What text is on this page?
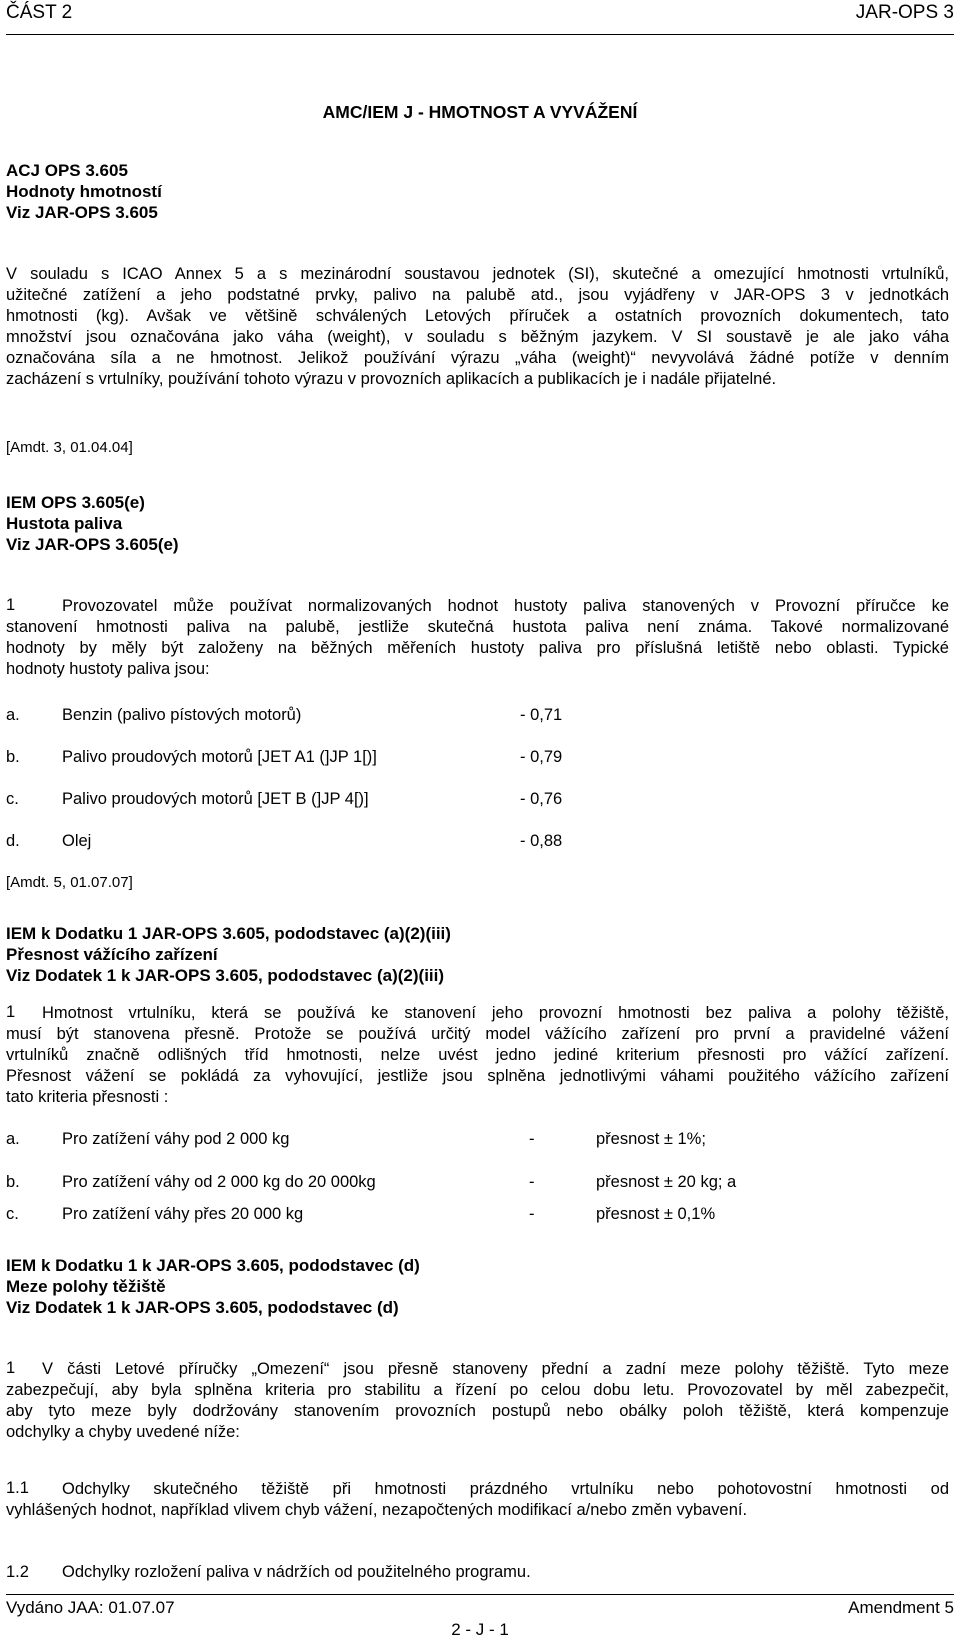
ČÁST 2	JAR-OPS 3
AMC/IEM J - HMOTNOST A VYVÁŽENÍ
ACJ OPS 3.605
Hodnoty hmotností
Viz JAR-OPS 3.605
V souladu s ICAO Annex 5 a s mezinárodní soustavou jednotek (SI), skutečné a omezující hmotnosti vrtulníků,
užitečné zatížení a jeho podstatné prvky, palivo na palubě atd., jsou vyjádřeny v JAR-OPS 3 v jednotkách
hmotnosti (kg). Avšak ve většině schválených Letových příruček a ostatních provozních dokumentech, tato
množství jsou označována jako váha (weight), v souladu s běžným jazykem. V SI soustavě je ale jako váha
označována síla a ne hmotnost. Jelikož používání výrazu „váha (weight)“ nevyvolává žádné potíže v denním
zacházení s vrtulníky, používání tohoto výrazu v provozních aplikacích a publikacích je i nadále přijatelné.
[Amdt. 3, 01.04.04]
IEM OPS 3.605(e)
Hustota paliva
Viz JAR-OPS 3.605(e)
1	Provozovatel může používat normalizovaných hodnot hustoty paliva stanovených v Provozní příručce ke
stanovení hmotnosti paliva na palubě, jestliže skutečná hustota paliva není známa. Takové normalizované
hodnoty by měly být založeny na běžných měřeních hustoty paliva pro příslušná letiště nebo oblasti. Typické
hodnoty hustoty paliva jsou:
a.	Benzin (palivo pístových motorů)	- 0,71
b.	Palivo proudových motorů [JET A1 (]JP 1[)]	- 0,79
c.	Palivo proudových motorů [JET B (]JP 4[)]	- 0,76
d.	Olej	- 0,88
[Amdt. 5, 01.07.07]
IEM k Dodatku 1 JAR-OPS 3.605, pododstavec (a)(2)(iii)
Přesnost vážícího zařízení
Viz Dodatek 1 k JAR-OPS 3.605, pododstavec (a)(2)(iii)
1	Hmotnost vrtulníku, která se používá ke stanovení jeho provozní hmotnosti bez paliva a polohy těžiště,
musí být stanovena přesně. Protože se používá určitý model vážícího zařízení pro první a pravidelné vážení
vrtulníků značně odlišných tříd hmotnosti, nelze uvést jedno jediné kriterium přesnosti pro vážící zařízení.
Přesnost vážení se pokládá za vyhovující, jestliže jsou splněna jednotlivými váhami použitého vážícího zařízení
tato kriteria přesnosti :
a.	Pro zatížení váhy pod 2 000 kg	-	přesnost ± 1%;
b.	Pro zatížení váhy od 2 000 kg do 20 000kg	-	přesnost ± 20 kg; a
c.	Pro zatížení váhy přes 20 000 kg	-	přesnost ± 0,1%
IEM k Dodatku 1 k JAR-OPS 3.605, pododstavec (d)
Meze polohy těžiště
Viz Dodatek 1 k JAR-OPS 3.605, pododstavec (d)
1	V části Letové příručky „Omezení“ jsou přesně stanoveny přední a zadní meze polohy těžiště. Tyto meze
zabezpečují, aby byla splněna kriteria pro stabilitu a řízení po celou dobu letu. Provozovatel by měl zabezpečit,
aby tyto meze byly dodržovány stanovením provozních postupů nebo obálky poloh těžiště, která kompenzuje
odchylky a chyby uvedené níže:
1.1	Odchylky skutečného těžiště při hmotnosti prázdného vrtulníku nebo pohotovostní hmotnosti od
vyhlášených hodnot, například vlivem chyb vážení, nezapočtených modifikací a/nebo změn vybavení.
1.2 Odchylky rozložení paliva v nádržích od použitelného programu.
Vydáno JAA: 01.07.07	Amendment 5
2 - J - 1
